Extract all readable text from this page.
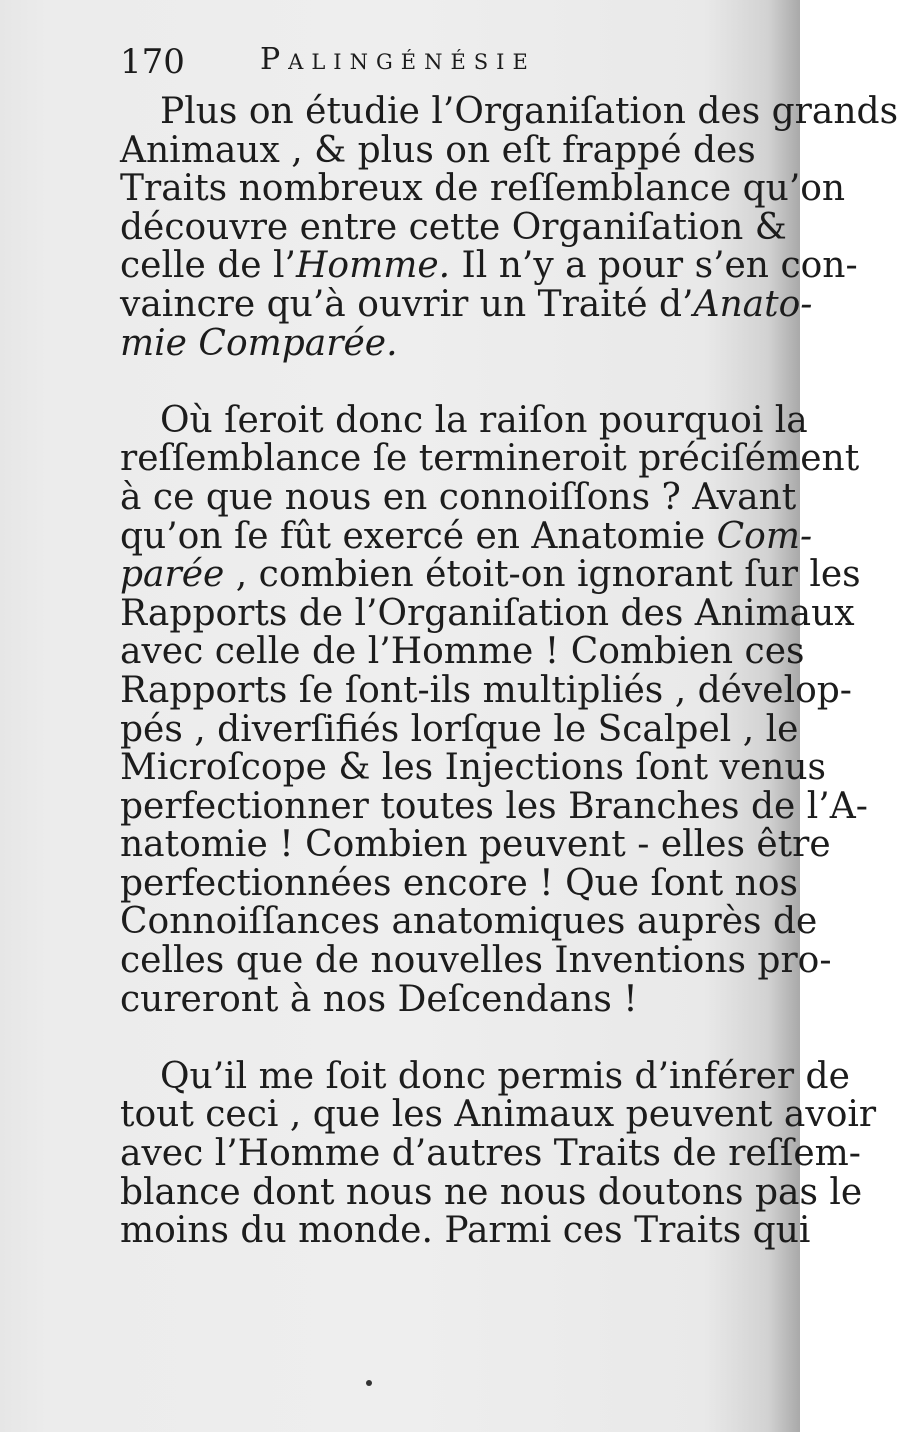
170	Palingénésie
Plus on étudie l’Organiſation des grands
Animaux , & plus on eſt frappé des
Traits nombreux de reſſemblance qu’on
découvre entre cette Organiſation &
celle de l’Homme. Il n’y a pour s’en con-
vaincre qu’à ouvrir un Traité d’Anato-
mie Comparée.
Où ſeroit donc la raiſon pourquoi la
reſſemblance ſe termineroit préciſément
à ce que nous en connoiſſons ? Avant
qu’on ſe fût exercé en Anatomie Com-
parée , combien étoit-on ignorant ſur les
Rapports de l’Organiſation des Animaux
avec celle de l’Homme ! Combien ces
Rapports ſe ſont-ils multipliés , dévelop-
pés , diverſifiés lorſque le Scalpel , le
Microſcope & les Injections ſont venus
perfectionner toutes les Branches de l’A-
natomie ! Combien peuvent - elles être
perfectionnées encore ! Que ſont nos
Connoiſſances anatomiques auprès de
celles que de nouvelles Inventions pro-
cureront à nos Deſcendans !
Qu’il me ſoit donc permis d’inférer de
tout ceci , que les Animaux peuvent avoir
avec l’Homme d’autres Traits de reſſem-
blance dont nous ne nous doutons pas le
moins du monde. Parmi ces Traits qui
